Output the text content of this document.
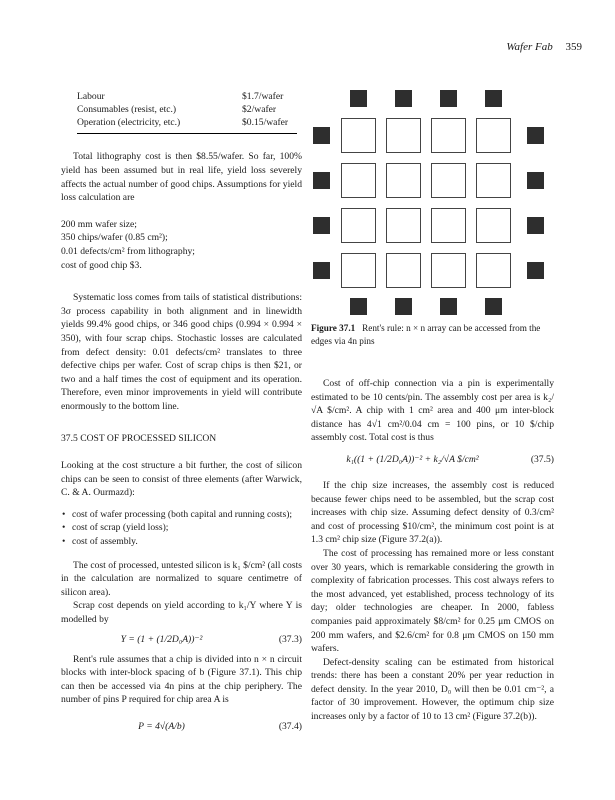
Wafer Fab 359
Labour	$1.7/wafer
Consumables (resist, etc.)	$2/wafer
Operation (electricity, etc.)	$0.15/wafer

Total lithography cost is then $8.55/wafer. So far, 100% yield has been assumed but in real life, yield loss severely affects the actual number of good chips. Assumptions for yield loss calculation are

200 mm wafer size;

350 chips/wafer (0.85 cm²);

0.01 defects/cm² from lithography;

cost of good chip $3.

Systematic loss comes from tails of statistical distributions: 3σ process capability in both alignment and in linewidth yields 99.4% good chips, or 346 good chips (0.994 × 0.994 × 350), with four scrap chips. Stochastic losses are calculated from defect density: 0.01 defects/cm² translates to three defective chips per wafer. Cost of scrap chips is then $21, or two and a half times the cost of equipment and its operation. Therefore, even minor improvements in yield will contribute enormously to the bottom line.

37.5 COST OF PROCESSED SILICON

Looking at the cost structure a bit further, the cost of silicon chips can be seen to consist of three elements (after Warwick, C. & A. Ourmazd):

• cost of wafer processing (both capital and running costs);
• cost of scrap (yield loss);
• cost of assembly.

The cost of processed, untested silicon is k₁ $/cm² (all costs in the calculation are normalized to square centimetre of silicon area).

Scrap cost depends on yield according to k₁/Y where Y is modelled by

Y = (1 + (1/2D₀A))⁻²	(37.3)

Rent's rule assumes that a chip is divided into n × n circuit blocks with inter-block spacing of b (Figure 37.1). This chip can then be accessed via 4n pins at the chip periphery. The number of pins P required for chip area A is

P = 4√(A/b)	(37.4)
Figure 37.1 Rent's rule: n × n array can be accessed from the edges via 4n pins

Cost of off-chip connection via a pin is experimentally estimated to be 10 cents/pin. The assembly cost per area is k₂/√A $/cm². A chip with 1 cm² area and 400 μm inter-block distance has 4√1 cm²/0.04 cm = 100 pins, or 10 $/chip assembly cost. Total cost is thus

k₁((1 + (1/2D₀A))⁻² + k₂/√A $/cm²	(37.5)

If the chip size increases, the assembly cost is reduced because fewer chips need to be assembled, but the scrap cost increases with chip size. Assuming defect density of 0.3/cm² and cost of processing $10/cm², the minimum cost point is at 1.3 cm² chip size (Figure 37.2(a)).

The cost of processing has remained more or less constant over 30 years, which is remarkable considering the growth in complexity of fabrication processes. This cost always refers to the most advanced, yet established, process technology of its day; older technologies are cheaper. In 2000, fabless companies paid approximately $8/cm² for 0.25 μm CMOS on 200 mm wafers, and $2.6/cm² for 0.8 μm CMOS on 150 mm wafers.

Defect-density scaling can be estimated from historical trends: there has been a constant 20% per year reduction in defect density. In the year 2010, D₀ will then be 0.01 cm⁻², a factor of 30 improvement. However, the optimum chip size increases only by a factor of 10 to 13 cm² (Figure 37.2(b)).
